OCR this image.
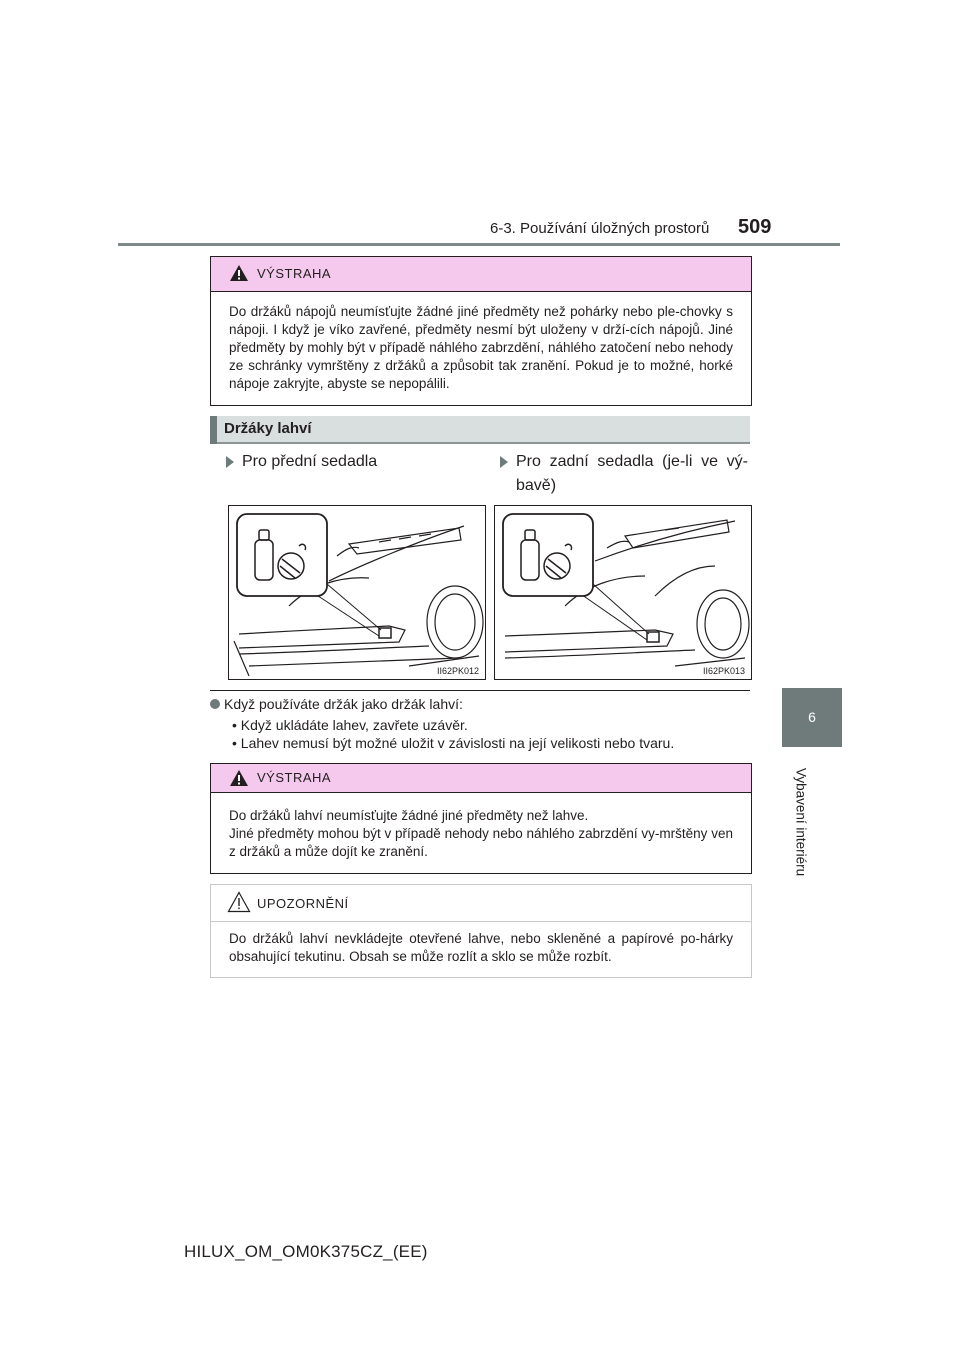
6-3. Používání úložných prostorů 509
6
Vybavení interiéru
VÝSTRAHA
Do držáků nápojů neumísťujte žádné jiné předměty než pohárky nebo ple-chovky s nápoji. I když je víko zavřené, předměty nesmí být uloženy v drží-cích nápojů. Jiné předměty by mohly být v případě náhlého zabrzdění, náhlého zatočení nebo nehody ze schránky vymrštěny z držáků a způsobit tak zranění. Pokud je to možné, horké nápoje zakryjte, abyste se nepopálili.
Držáky lahví
Pro přední sedadla	Pro zadní sedadla (je-li ve vý-bavě)
II62PK012	II62PK013
Když používáte držák jako držák lahví:
• Když ukládáte lahev, zavřete uzávěr.
• Lahev nemusí být možné uložit v závislosti na její velikosti nebo tvaru.
VÝSTRAHA
Do držáků lahví neumísťujte žádné jiné předměty než lahve.
Jiné předměty mohou být v případě nehody nebo náhlého zabrzdění vy-mrštěny ven z držáků a může dojít ke zranění.
UPOZORNĚNÍ
Do držáků lahví nevkládejte otevřené lahve, nebo skleněné a papírové po-hárky obsahující tekutinu. Obsah se může rozlít a sklo se může rozbít.
HILUX_OM_OM0K375CZ_(EE)
